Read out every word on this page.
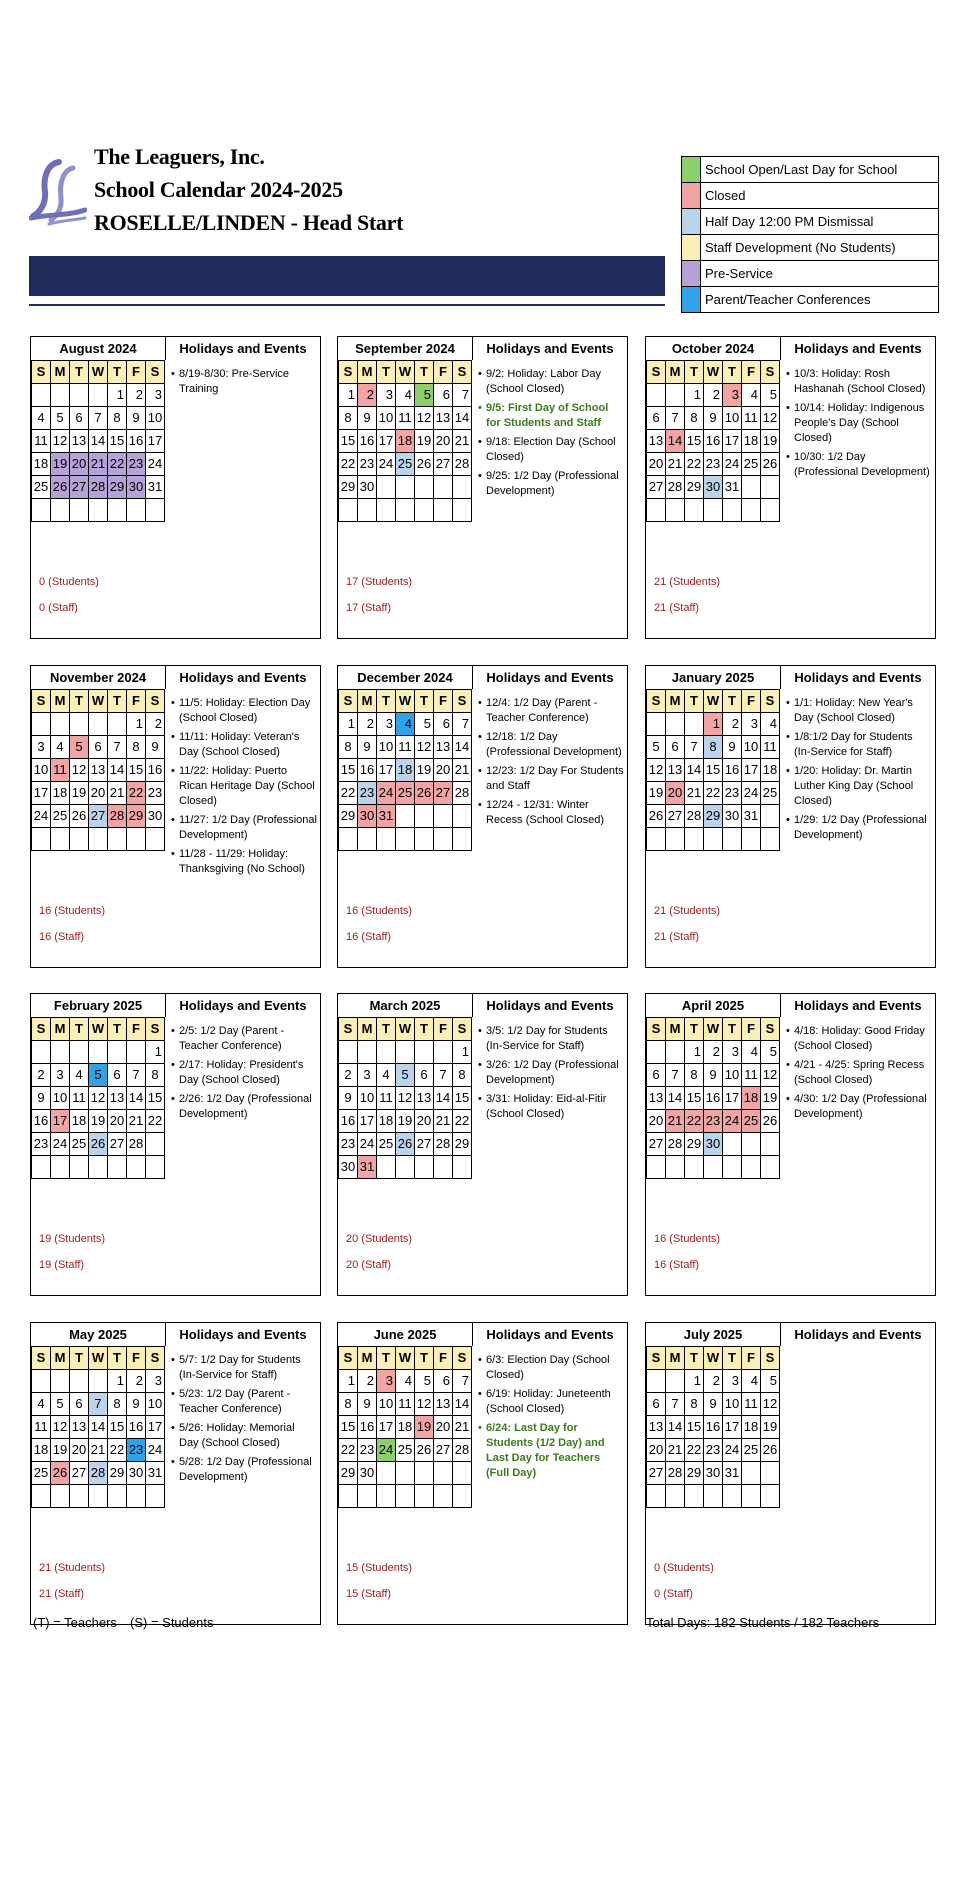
The Leaguers, Inc.
School Calendar 2024-2025
ROSELLE/LINDEN - Head Start
School Open/Last Day for School
Closed
Half Day 12:00 PM Dismissal
Staff Development (No Students)
Pre-Service
Parent/Teacher Conferences
August 2024	Holidays and Events
S	M	T	W	T	F	S
				1	2	3
4	5	6	7	8	9	10
11	12	13	14	15	16	17
18	19	20	21	22	23	24
25	26	27	28	29	30	31

• 8/19-8/30: Pre-Service Training
0 (Students)
0 (Staff)
September 2024	Holidays and Events
S	M	T	W	T	F	S
1	2	3	4	5	6	7
8	9	10	11	12	13	14
15	16	17	18	19	20	21
22	23	24	25	26	27	28
29	30					

• 9/2: Holiday: Labor Day (School Closed)
• 9/5: First Day of School for Students and Staff
• 9/18: Election Day (School Closed)
• 9/25: 1/2 Day (Professional Development)
17 (Students)
17 (Staff)
October 2024	Holidays and Events
S	M	T	W	T	F	S
		1	2	3	4	5
6	7	8	9	10	11	12
13	14	15	16	17	18	19
20	21	22	23	24	25	26
27	28	29	30	31		

• 10/3: Holiday: Rosh Hashanah (School Closed)
• 10/14: Holiday: Indigenous People's Day (School Closed)
• 10/30: 1/2 Day (Professional Development)
21 (Students)
21 (Staff)
November 2024	Holidays and Events
S	M	T	W	T	F	S
					1	2
3	4	5	6	7	8	9
10	11	12	13	14	15	16
17	18	19	20	21	22	23
24	25	26	27	28	29	30

• 11/5: Holiday: Election Day (School Closed)
• 11/11: Holiday: Veteran's Day (School Closed)
• 11/22: Holiday: Puerto Rican Heritage Day (School Closed)
• 11/27: 1/2 Day (Professional Development)
• 11/28 - 11/29: Holiday: Thanksgiving (No School)
16 (Students)
16 (Staff)
December 2024	Holidays and Events
S	M	T	W	T	F	S
1	2	3	4	5	6	7
8	9	10	11	12	13	14
15	16	17	18	19	20	21
22	23	24	25	26	27	28
29	30	31				

• 12/4: 1/2 Day (Parent - Teacher Conference)
• 12/18: 1/2 Day (Professional Development)
• 12/23: 1/2 Day For Students and Staff
• 12/24 - 12/31: Winter Recess (School Closed)
16 (Students)
16 (Staff)
January 2025	Holidays and Events
S	M	T	W	T	F	S
			1	2	3	4
5	6	7	8	9	10	11
12	13	14	15	16	17	18
19	20	21	22	23	24	25
26	27	28	29	30	31	

• 1/1: Holiday: New Year's Day (School Closed)
• 1/8:1/2 Day for Students (In-Service for Staff)
• 1/20: Holiday: Dr. Martin Luther King Day (School Closed)
• 1/29: 1/2 Day (Professional Development)
21 (Students)
21 (Staff)
February 2025	Holidays and Events
S	M	T	W	T	F	S
						1
2	3	4	5	6	7	8
9	10	11	12	13	14	15
16	17	18	19	20	21	22
23	24	25	26	27	28	

• 2/5: 1/2 Day (Parent - Teacher Conference)
• 2/17: Holiday: President's Day (School Closed)
• 2/26: 1/2 Day (Professional Development)
19 (Students)
19 (Staff)
March 2025	Holidays and Events
S	M	T	W	T	F	S
						1
2	3	4	5	6	7	8
9	10	11	12	13	14	15
16	17	18	19	20	21	22
23	24	25	26	27	28	29
30	31					
• 3/5: 1/2 Day for Students (In-Service for Staff)
• 3/26: 1/2 Day (Professional Development)
• 3/31: Holiday: Eid-al-Fitir (School Closed)
20 (Students)
20 (Staff)
April 2025	Holidays and Events
S	M	T	W	T	F	S
		1	2	3	4	5
6	7	8	9	10	11	12
13	14	15	16	17	18	19
20	21	22	23	24	25	26
27	28	29	30			

• 4/18: Holiday: Good Friday (School Closed)
• 4/21 - 4/25: Spring Recess (School Closed)
• 4/30: 1/2 Day (Professional Development)
16 (Students)
16 (Staff)
May 2025	Holidays and Events
S	M	T	W	T	F	S
				1	2	3
4	5	6	7	8	9	10
11	12	13	14	15	16	17
18	19	20	21	22	23	24
25	26	27	28	29	30	31

• 5/7: 1/2 Day for Students (In-Service for Staff)
• 5/23: 1/2 Day (Parent - Teacher Conference)
• 5/26: Holiday: Memorial Day (School Closed)
• 5/28: 1/2 Day (Professional Development)
21 (Students)
21 (Staff)
June 2025	Holidays and Events
S	M	T	W	T	F	S
1	2	3	4	5	6	7
8	9	10	11	12	13	14
15	16	17	18	19	20	21
22	23	24	25	26	27	28
29	30					

• 6/3: Election Day (School Closed)
• 6/19: Holiday: Juneteenth (School Closed)
• 6/24: Last Day for Students (1/2 Day) and Last Day for Teachers (Full Day)
15 (Students)
15 (Staff)
July 2025	Holidays and Events
S	M	T	W	T	F	S
		1	2	3	4	5
6	7	8	9	10	11	12
13	14	15	16	17	18	19
20	21	22	23	24	25	26
27	28	29	30	31		

0 (Students)
0 (Staff)
(T) = Teachers (S) = Students	Total Days: 182 Students / 182 Teachers
